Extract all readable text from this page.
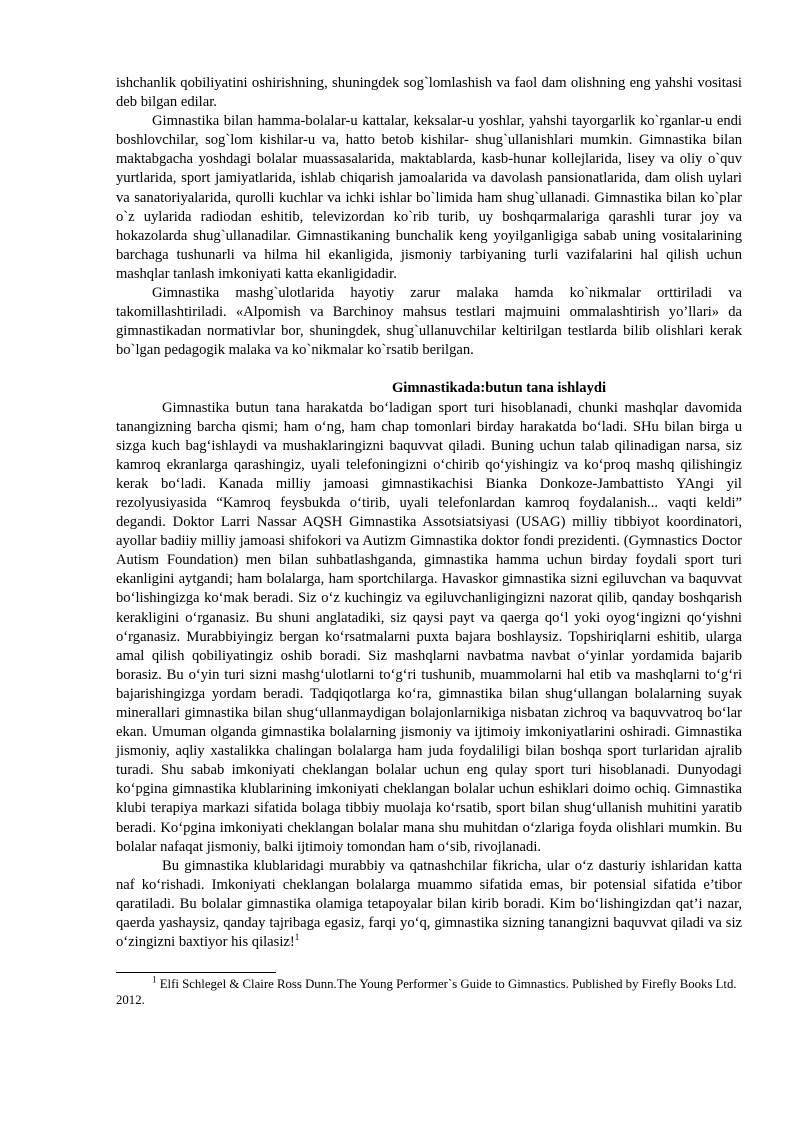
ishchanlik qobiliyatini oshirishning, shuningdek sog`lomlashish va faol dam olishning eng yahshi vositasi deb bilgan edilar.

Gimnastika bilan hamma-bolalar-u kattalar, keksalar-u yoshlar, yahshi tayorgarlik ko`rganlar-u endi boshlovchilar, sog`lom kishilar-u va, hatto betob kishilar- shug`ullanishlari mumkin. Gimnastika bilan maktabgacha yoshdagi bolalar muassasalarida, maktablarda, kasb-hunar kollejlarida, lisey va oliy o`quv yurtlarida, sport jamiyatlarida, ishlab chiqarish jamoalarida va davolash pansionatlarida, dam olish uylari va sanatoriyalarida, qurolli kuchlar va ichki ishlar bo`limida ham shug`ullanadi. Gimnastika bilan ko`plar o`z uylarida radiodan eshitib, televizordan ko`rib turib, uy boshqarmalariga qarashli turar joy va hokazolarda shug`ullanadilar. Gimnastikaning bunchalik keng yoyilganligiga sabab uning vositalarining barchaga tushunarli va hilma hil ekanligida, jismoniy tarbiyaning turli vazifalarini hal qilish uchun mashqlar tanlash imkoniyati katta ekanligidadir.

Gimnastika mashg`ulotlarida hayotiy zarur malaka hamda ko`nikmalar orttiriladi va takomillashtiriladi. «Alpomish va Barchinoy mahsus testlari majmuini ommalashtirish yo’llari» da gimnastikadan normativlar bor, shuningdek, shug`ullanuvchilar keltirilgan testlarda bilib olishlari kerak bo`lgan pedagogik malaka va ko`nikmalar ko`rsatib berilgan.

Gimnastikada:butun tana ishlaydi

Gimnastika butun tana harakatda bo‘ladigan sport turi hisoblanadi, chunki mashqlar davomida tanangizning barcha qismi; ham o‘ng, ham chap tomonlari birday harakatda bo‘ladi. SHu bilan birga u sizga kuch bag‘ishlaydi va mushaklaringizni baquvvat qiladi. Buning uchun talab qilinadigan narsa, siz kamroq ekranlarga qarashingiz, uyali telefoningizni o‘chirib qo‘yishingiz va ko‘proq mashq qilishingiz kerak bo‘ladi. Kanada milliy jamoasi gimnastikachisi Bianka Donkoze-Jambattisto YAngi yil rezolyusiyasida “Kamroq feysbukda o‘tirib, uyali telefonlardan kamroq foydalanish... vaqti keldi” degandi. Doktor Larri Nassar AQSH Gimnastika Assotsiatsiyasi (USAG) milliy tibbiyot koordinatori, ayollar badiiy milliy jamoasi shifokori va Autizm Gimnastika doktor fondi prezidenti. (Gymnastics Doctor Autism Foundation) men bilan suhbatlashganda, gimnastika hamma uchun birday foydali sport turi ekanligini aytgandi; ham bolalarga, ham sportchilarga. Havaskor gimnastika sizni egiluvchan va baquvvat bo‘lishingizga ko‘mak beradi. Siz o‘z kuchingiz va egiluvchanligingizni nazorat qilib, qanday boshqarish kerakligini o‘rganasiz. Bu shuni anglatadiki, siz qaysi payt va qaerga qo‘l yoki oyog‘ingizni qo‘yishni o‘rganasiz. Murabbiyingiz bergan ko‘rsatmalarni puxta bajara boshlaysiz. Topshiriqlarni eshitib, ularga amal qilish qobiliyatingiz oshib boradi. Siz mashqlarni navbatma navbat o‘yinlar yordamida bajarib borasiz. Bu o‘yin turi sizni mashg‘ulotlarni to‘g‘ri tushunib, muammolarni hal etib va mashqlarni to‘g‘ri bajarishingizga yordam beradi. Tadqiqotlarga ko‘ra, gimnastika bilan shug‘ullangan bolalarning suyak minerallari gimnastika bilan shug‘ullanmaydigan bolajonlarnikiga nisbatan zichroq va baquvvatroq bo‘lar ekan. Umuman olganda gimnastika bolalarning jismoniy va ijtimoiy imkoniyatlarini oshiradi. Gimnastika jismoniy, aqliy xastalikka chalingan bolalarga ham juda foydaliligi bilan boshqa sport turlaridan ajralib turadi. Shu sabab imkoniyati cheklangan bolalar uchun eng qulay sport turi hisoblanadi. Dunyodagi ko‘pgina gimnastika klublarining imkoniyati cheklangan bolalar uchun eshiklari doimo ochiq. Gimnastika klubi terapiya markazi sifatida bolaga tibbiy muolaja ko‘rsatib, sport bilan shug‘ullanish muhitini yaratib beradi. Ko‘pgina imkoniyati cheklangan bolalar mana shu muhitdan o‘zlariga foyda olishlari mumkin. Bu bolalar nafaqat jismoniy, balki ijtimoiy tomondan ham o‘sib, rivojlanadi.

Bu gimnastika klublaridagi murabbiy va qatnashchilar fikricha, ular o‘z dasturiy ishlaridan katta naf ko‘rishadi. Imkoniyati cheklangan bolalarga muammo sifatida emas, bir potensial sifatida e’tibor qaratiladi. Bu bolalar gimnastika olamiga tetapoyalar bilan kirib boradi. Kim bo‘lishingizdan qat’i nazar, qaerda yashaysiz, qanday tajribaga egasiz, farqi yo‘q, gimnastika sizning tanangizni baquvvat qiladi va siz o‘zingizni baxtiyor his qilasiz!$^1$

$^1$ Elfi Schlegel & Claire Ross Dunn.The Young Performer`s Guide to Gimnastics. Published by Firefly Books Ltd. 2012.
